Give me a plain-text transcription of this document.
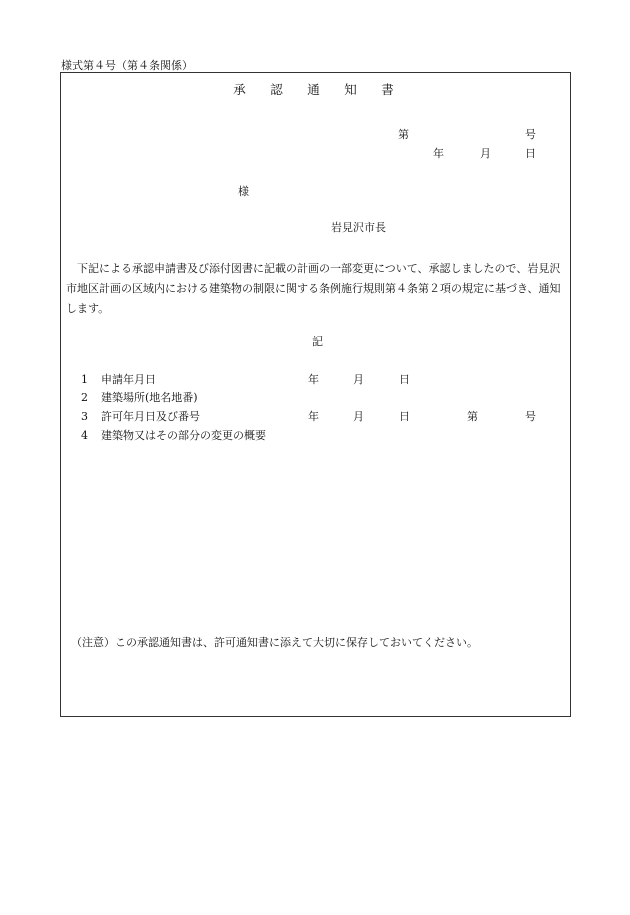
様式第４号（第４条関係）
承　認　通　知　書
第	号
年	月	日
様
岩見沢市長
下記による承認申請書及び添付図書に記載の計画の一部変更について、承認しましたので、岩見沢市地区計画の区域内における建築物の制限に関する条例施行規則第４条第２項の規定に基づき、通知します。
記
1 申請年月日	年	月	日
2 建築場所(地名地番)
3 許可年月日及び番号	年	月	日	第	号
4 建築物又はその部分の変更の概要
（注意）この承認通知書は、許可通知書に添えて大切に保存しておいてください。
